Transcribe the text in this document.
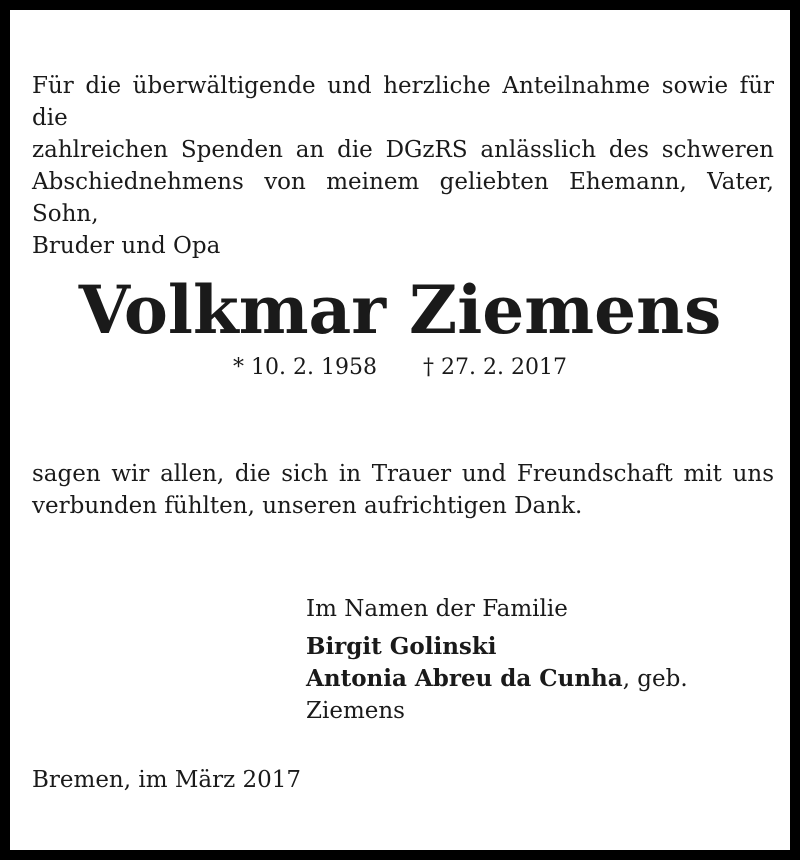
Für die überwältigende und herzliche Anteilnahme sowie für die
zahlreichen Spenden an die DGzRS anlässlich des schweren
Abschiednehmens von meinem geliebten Ehemann, Vater, Sohn,
Bruder und Opa

Volkmar Ziemens

* 10. 2. 1958 † 27. 2. 2017

sagen wir allen, die sich in Trauer und Freundschaft mit uns
verbunden fühlten, unseren aufrichtigen Dank.

Im Namen der Familie
Birgit Golinski
Antonia Abreu da Cunha, geb. Ziemens

Bremen, im März 2017
